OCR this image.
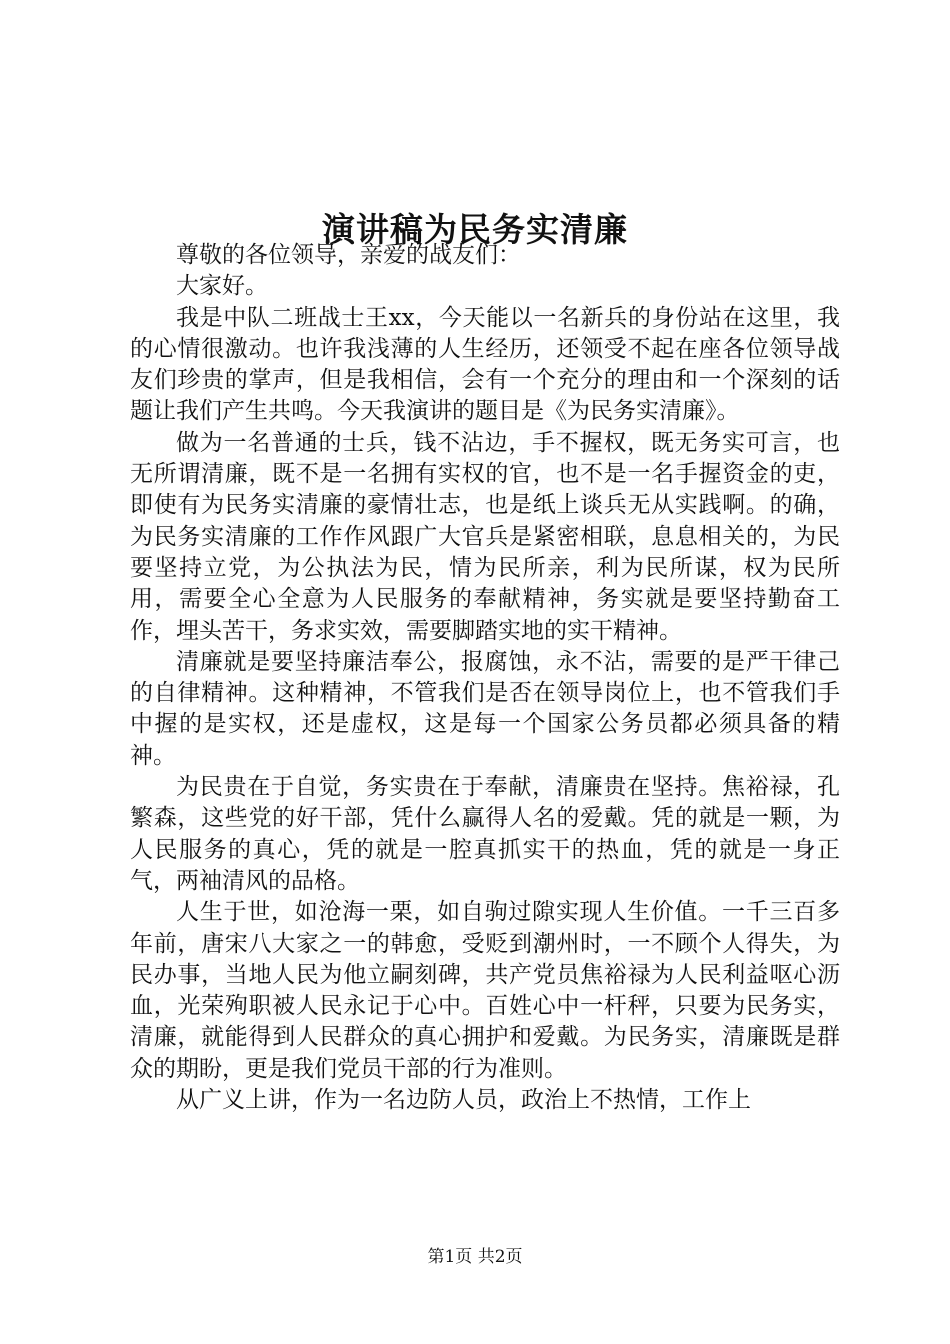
演讲稿为民务实清廉

尊敬的各位领导，亲爱的战友们：

大家好。

我是中队二班战士王xx，今天能以一名新兵的身份站在这里，我的心情很激动。也许我浅薄的人生经历，还领受不起在座各位领导战友们珍贵的掌声，但是我相信，会有一个充分的理由和一个深刻的话题让我们产生共鸣。今天我演讲的题目是《为民务实清廉》。

做为一名普通的士兵，钱不沾边，手不握权，既无务实可言，也无所谓清廉，既不是一名拥有实权的官，也不是一名手握资金的吏，即使有为民务实清廉的豪情壮志，也是纸上谈兵无从实践啊。的确，为民务实清廉的工作作风跟广大官兵是紧密相联，息息相关的，为民要坚持立党，为公执法为民，情为民所亲，利为民所谋，权为民所用，需要全心全意为人民服务的奉献精神，务实就是要坚持勤奋工作，埋头苦干，务求实效，需要脚踏实地的实干精神。

清廉就是要坚持廉洁奉公，报腐蚀，永不沾，需要的是严干律己的自律精神。这种精神，不管我们是否在领导岗位上，也不管我们手中握的是实权，还是虚权，这是每一个国家公务员都必须具备的精神。

为民贵在于自觉，务实贵在于奉献，清廉贵在坚持。焦裕禄，孔繁森，这些党的好干部，凭什么赢得人名的爱戴。凭的就是一颗，为人民服务的真心，凭的就是一腔真抓实干的热血，凭的就是一身正气，两袖清风的品格。

人生于世，如沧海一栗，如自驹过隙实现人生价值。一千三百多年前，唐宋八大家之一的韩愈，受贬到潮州时，一不顾个人得失，为民办事，当地人民为他立嗣刻碑，共产党员焦裕禄为人民利益呕心沥血，光荣殉职被人民永记于心中。百姓心中一杆秤，只要为民务实，清廉，就能得到人民群众的真心拥护和爱戴。为民务实，清廉既是群众的期盼，更是我们党员干部的行为准则。

从广义上讲，作为一名边防人员，政治上不热情，工作上

第1页 共2页
